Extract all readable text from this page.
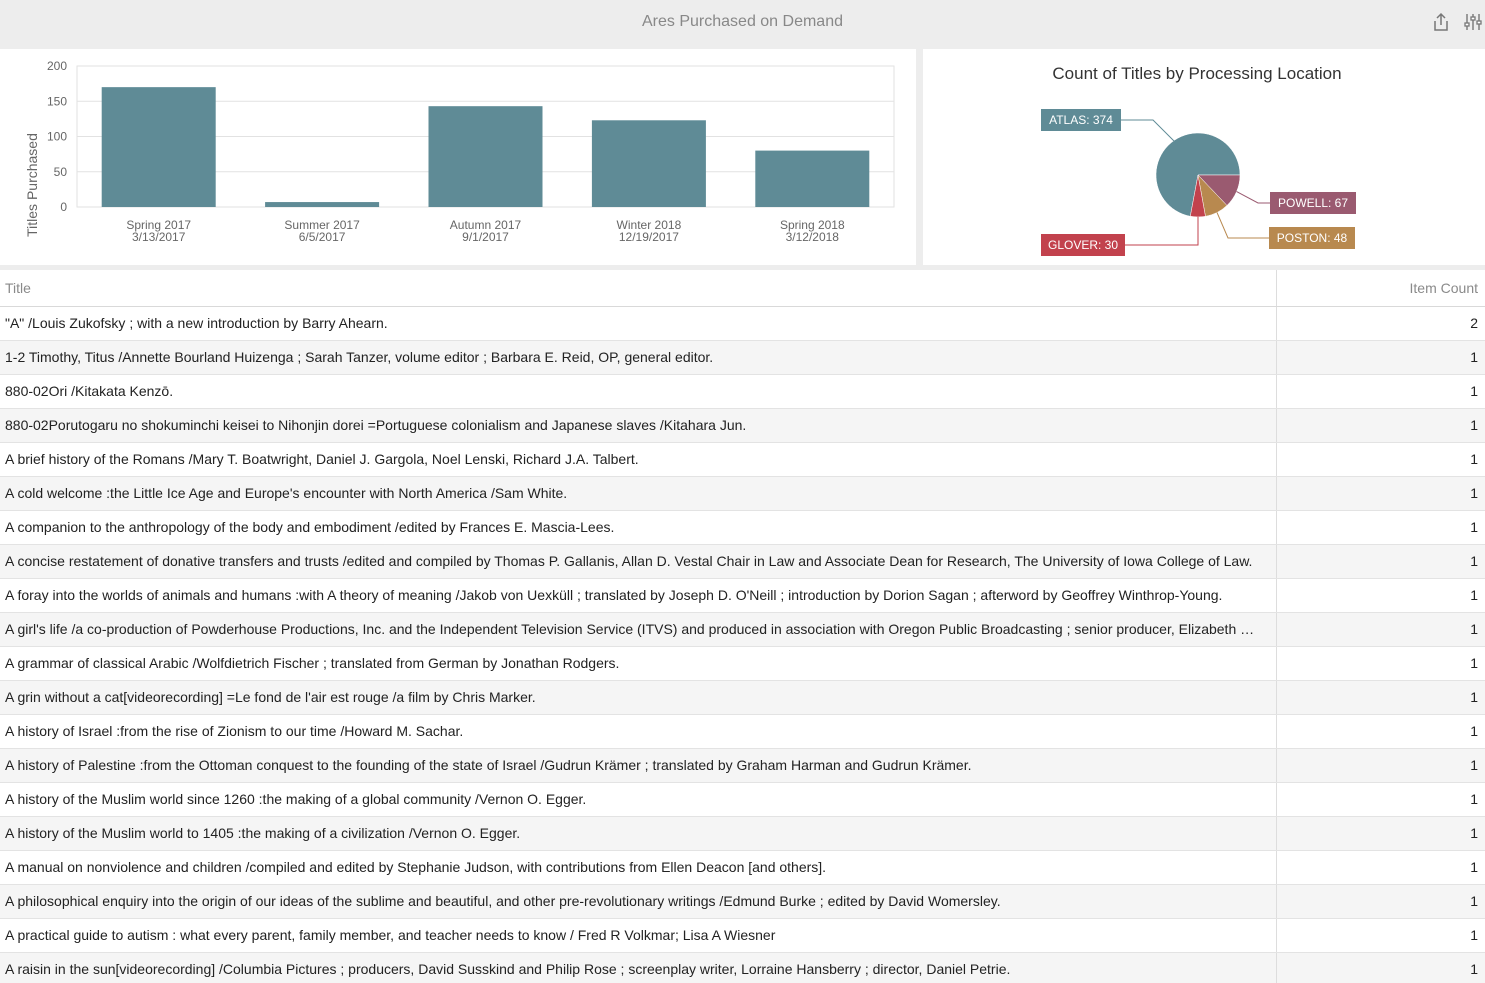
Ares Purchased on Demand
0
50
100
150
200
Titles Purchased	Spring 2017
3/13/2017
Summer 2017
6/5/2017
Autumn 2017
9/1/2017
Winter 2018
12/19/2017
Spring 2018
3/12/2018
Count of Titles by Processing Location
ATLAS: 374
POWELL: 67
POSTON: 48
GLOVER: 30
Title	Item Count
"A" /Louis Zukofsky ; with a new introduction by Barry Ahearn.	2
1-2 Timothy, Titus /Annette Bourland Huizenga ; Sarah Tanzer, volume editor ; Barbara E. Reid, OP, general editor.	1
880-02Ori /Kitakata Kenzō.	1
880-02Porutogaru no shokuminchi keisei to Nihonjin dorei =Portuguese colonialism and Japanese slaves /Kitahara Jun.	1
A brief history of the Romans /Mary T. Boatwright, Daniel J. Gargola, Noel Lenski, Richard J.A. Talbert.	1
A cold welcome :the Little Ice Age and Europe's encounter with North America /Sam White.	1
A companion to the anthropology of the body and embodiment /edited by Frances E. Mascia-Lees.	1
A concise restatement of donative transfers and trusts /edited and compiled by Thomas P. Gallanis, Allan D. Vestal Chair in Law and Associate Dean for Research, The University of Iowa College of Law.	1
A foray into the worlds of animals and humans :with A theory of meaning /Jakob von Uexküll ; translated by Joseph D. O'Neill ; introduction by Dorion Sagan ; afterword by Geoffrey Winthrop-Young.	1
A girl's life /a co-production of Powderhouse Productions, Inc. and the Independent Television Service (ITVS) and produced in association with Oregon Public Broadcasting ; senior producer, Elizabeth …	1
A grammar of classical Arabic /Wolfdietrich Fischer ; translated from German by Jonathan Rodgers.	1
A grin without a cat[videorecording] =Le fond de l'air est rouge /a film by Chris Marker.	1
A history of Israel :from the rise of Zionism to our time /Howard M. Sachar.	1
A history of Palestine :from the Ottoman conquest to the founding of the state of Israel /Gudrun Krämer ; translated by Graham Harman and Gudrun Krämer.	1
A history of the Muslim world since 1260 :the making of a global community /Vernon O. Egger.	1
A history of the Muslim world to 1405 :the making of a civilization /Vernon O. Egger.	1
A manual on nonviolence and children /compiled and edited by Stephanie Judson, with contributions from Ellen Deacon [and others].	1
A philosophical enquiry into the origin of our ideas of the sublime and beautiful, and other pre-revolutionary writings /Edmund Burke ; edited by David Womersley.	1
A practical guide to autism : what every parent, family member, and teacher needs to know / Fred R Volkmar; Lisa A Wiesner	1
A raisin in the sun[videorecording] /Columbia Pictures ; producers, David Susskind and Philip Rose ; screenplay writer, Lorraine Hansberry ; director, Daniel Petrie.	1
